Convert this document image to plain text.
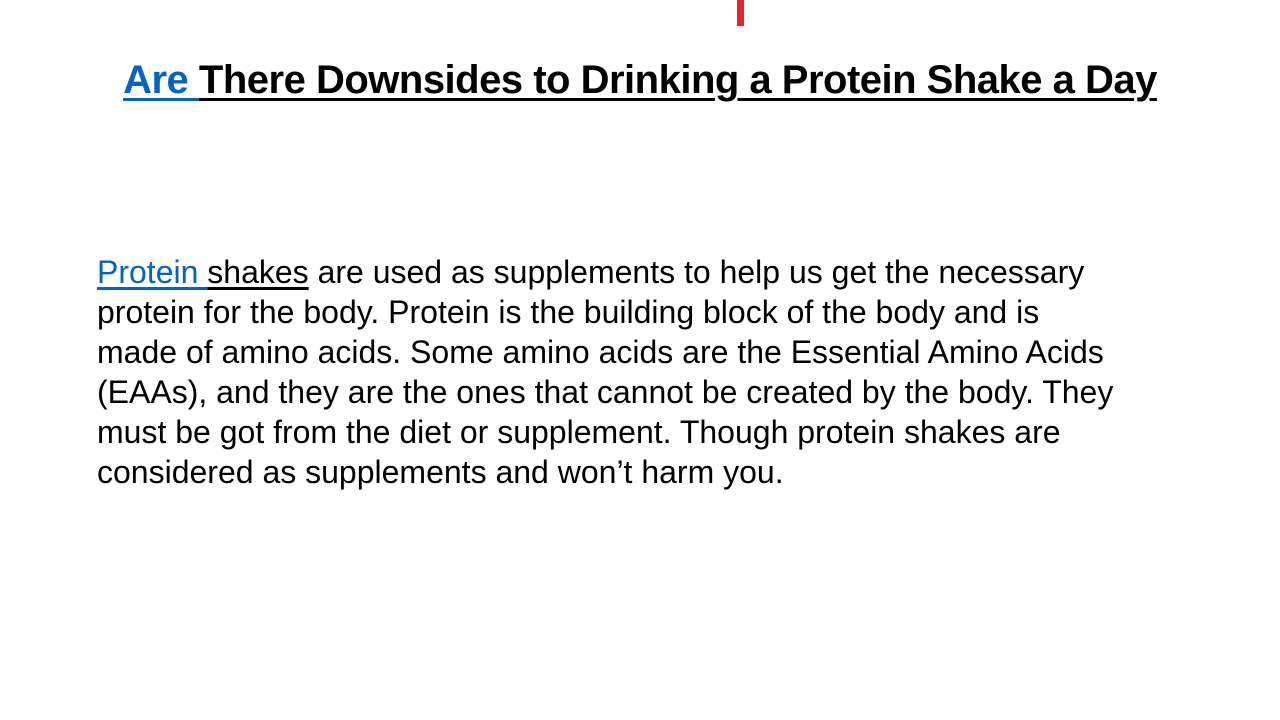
Are There Downsides to Drinking a Protein Shake a Day
Protein shakes are used as supplements to help us get the necessary
protein for the body. Protein is the building block of the body and is
made of amino acids. Some amino acids are the Essential Amino Acids
(EAAs), and they are the ones that cannot be created by the body. They
must be got from the diet or supplement. Though protein shakes are
considered as supplements and won’t harm you.
